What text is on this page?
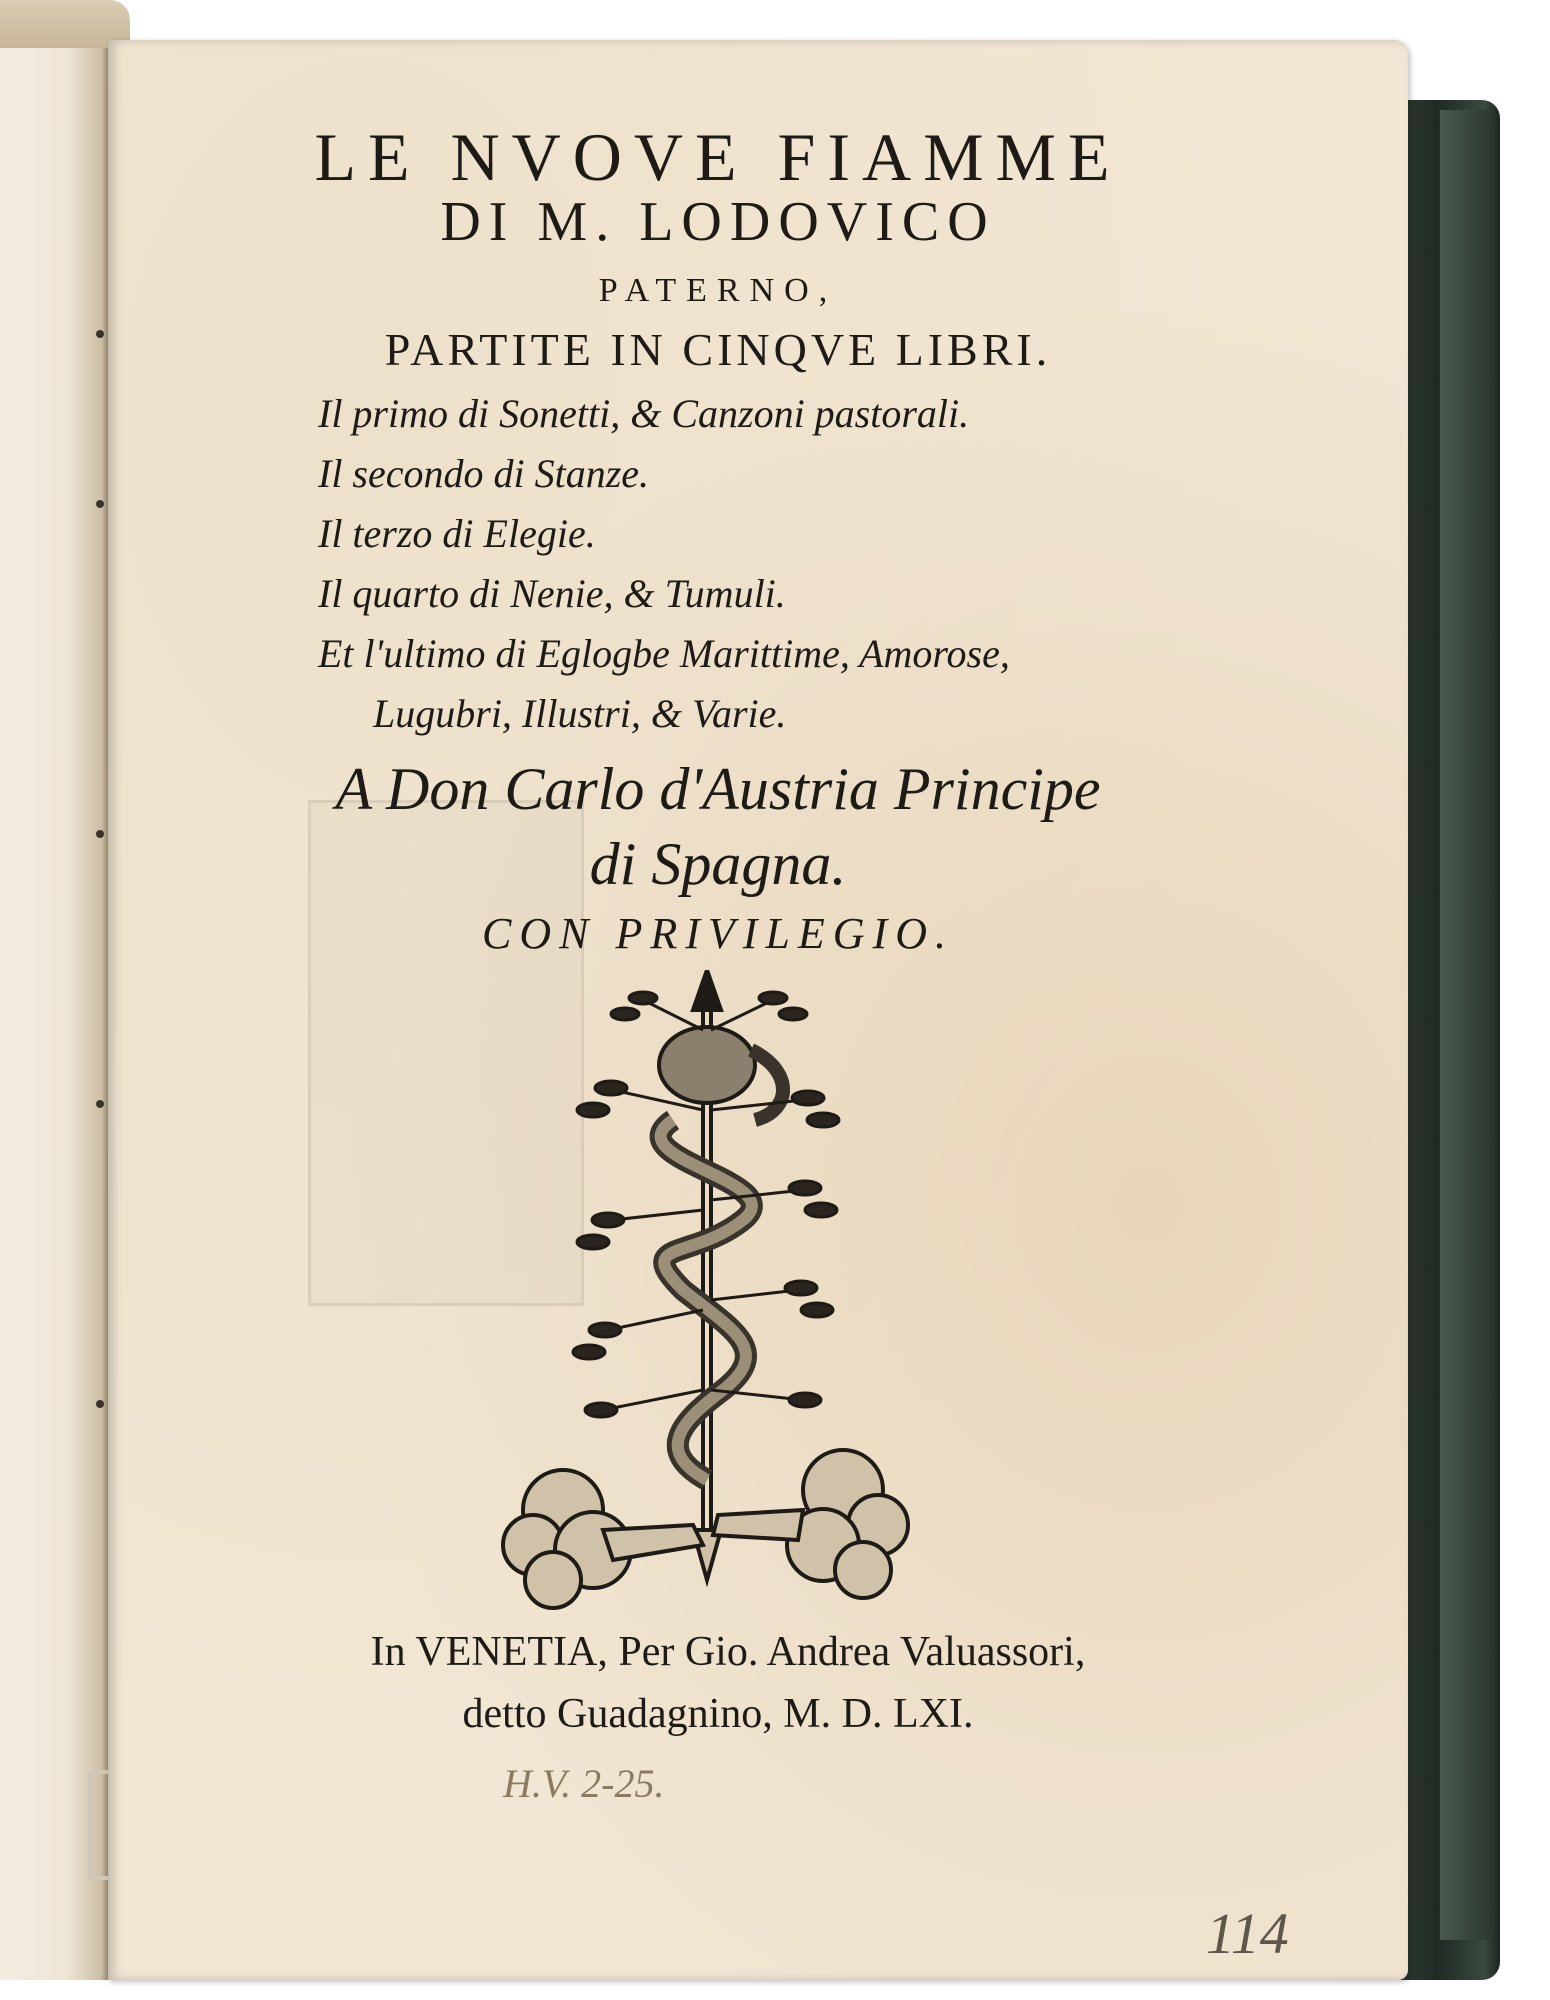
LE NVOVE FIAMME
DI M. LODOVICO
PATERNO,
PARTITE IN CINQVE LIBRI.
Il primo di Sonetti, & Canzoni pastorali.
Il secondo di Stanze.
Il terzo di Elegie.
Il quarto di Nenie, & Tumuli.
Et l'ultimo di Eglogbe Marittime, Amorose,
Lugubri, Illustri, & Varie.
A Don Carlo d'Austria Principe
di Spagna.
CON PRIVILEGIO.
In VENETIA, Per Gio. Andrea Valuassori,
detto Guadagnino, M. D. LXI.
H.V. 2-25.
114
